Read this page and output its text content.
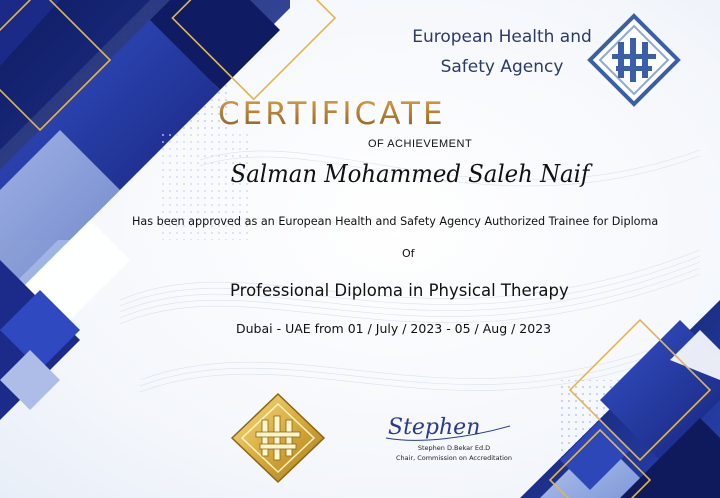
European Health and
Safety Agency
CERTIFICATE
OF ACHIEVEMENT
Salman Mohammed Saleh Naif
Has been approved as an European Health and Safety Agency Authorized Trainee for Diploma
Of
Professional Diploma in Physical Therapy
Dubai - UAE from 01 / July / 2023 - 05 / Aug / 2023
Stephen
Stephen D.Bekar Ed.D
Chair, Commission on Accreditation
